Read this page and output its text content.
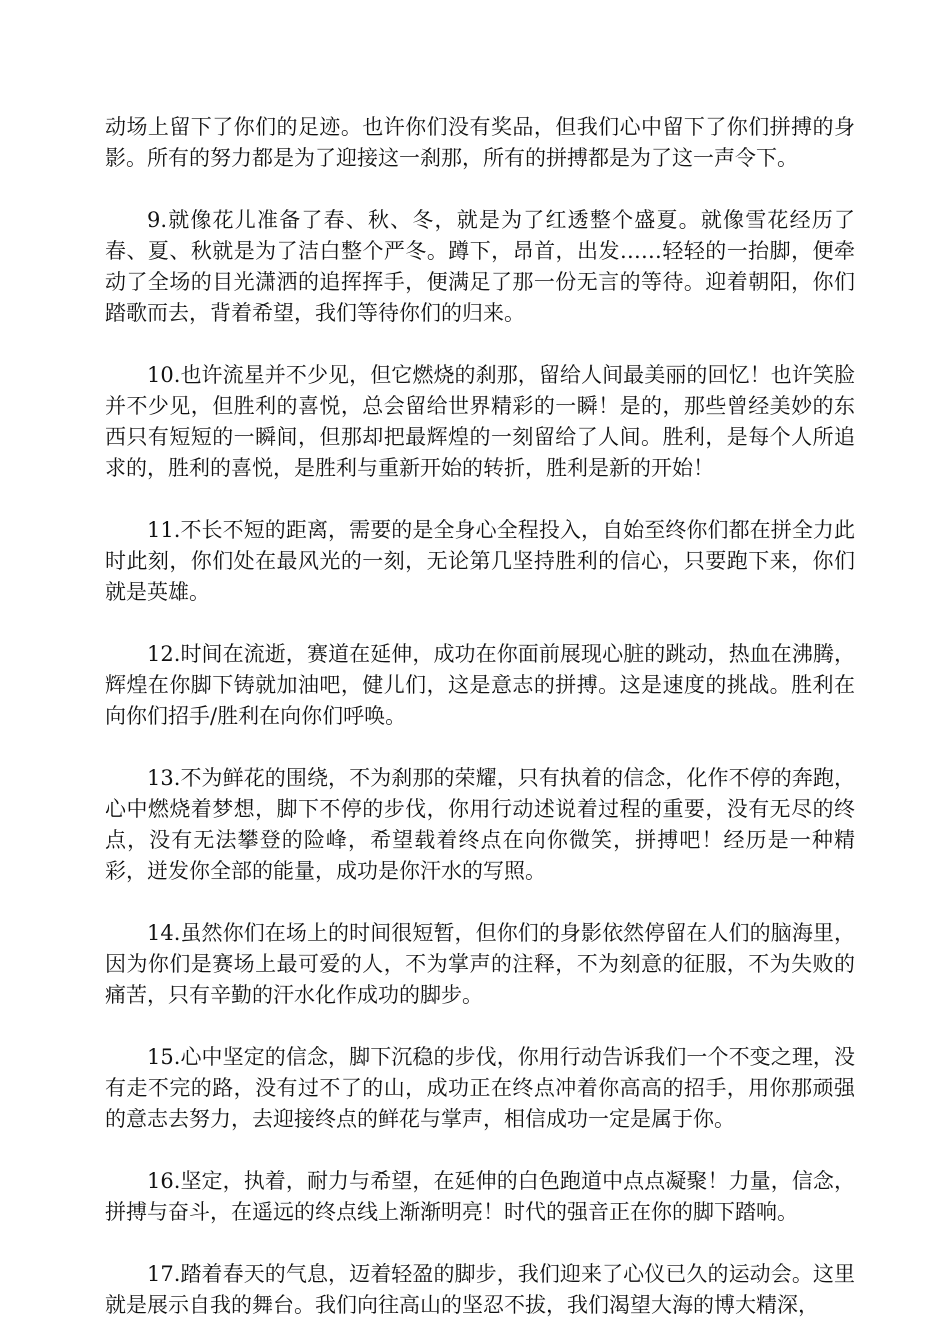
动场上留下了你们的足迹。也许你们没有奖品，但我们心中留下了你们拼搏的身影。所有的努力都是为了迎接这一刹那，所有的拼搏都是为了这一声令下。

9.就像花儿准备了春、秋、冬，就是为了红透整个盛夏。就像雪花经历了春、夏、秋就是为了洁白整个严冬。蹲下，昂首，出发……轻轻的一抬脚，便牵动了全场的目光潇洒的追挥挥手，便满足了那一份无言的等待。迎着朝阳，你们踏歌而去，背着希望，我们等待你们的归来。

10.也许流星并不少见，但它燃烧的刹那，留给人间最美丽的回忆！也许笑脸并不少见，但胜利的喜悦，总会留给世界精彩的一瞬！是的，那些曾经美妙的东西只有短短的一瞬间，但那却把最辉煌的一刻留给了人间。胜利，是每个人所追求的，胜利的喜悦，是胜利与重新开始的转折，胜利是新的开始！

11.不长不短的距离，需要的是全身心全程投入，自始至终你们都在拼全力此时此刻，你们处在最风光的一刻，无论第几坚持胜利的信心，只要跑下来，你们就是英雄。

12.时间在流逝，赛道在延伸，成功在你面前展现心脏的跳动，热血在沸腾，辉煌在你脚下铸就加油吧，健儿们，这是意志的拼搏。这是速度的挑战。胜利在向你们招手/胜利在向你们呼唤。

13.不为鲜花的围绕，不为刹那的荣耀，只有执着的信念，化作不停的奔跑，心中燃烧着梦想，脚下不停的步伐，你用行动述说着过程的重要，没有无尽的终点，没有无法攀登的险峰，希望载着终点在向你微笑，拼搏吧！经历是一种精彩，迸发你全部的能量，成功是你汗水的写照。

14.虽然你们在场上的时间很短暂，但你们的身影依然停留在人们的脑海里，因为你们是赛场上最可爱的人，不为掌声的注释，不为刻意的征服，不为失败的痛苦，只有辛勤的汗水化作成功的脚步。

15.心中坚定的信念，脚下沉稳的步伐，你用行动告诉我们一个不变之理，没有走不完的路，没有过不了的山，成功正在终点冲着你高高的招手，用你那顽强的意志去努力，去迎接终点的鲜花与掌声，相信成功一定是属于你。

16.坚定，执着，耐力与希望，在延伸的白色跑道中点点凝聚！力量，信念，拼搏与奋斗，在遥远的终点线上渐渐明亮！时代的强音正在你的脚下踏响。

17.踏着春天的气息，迈着轻盈的脚步，我们迎来了心仪已久的运动会。这里就是展示自我的舞台。我们向往高山的坚忍不拔，我们渴望大海的博大精深，
